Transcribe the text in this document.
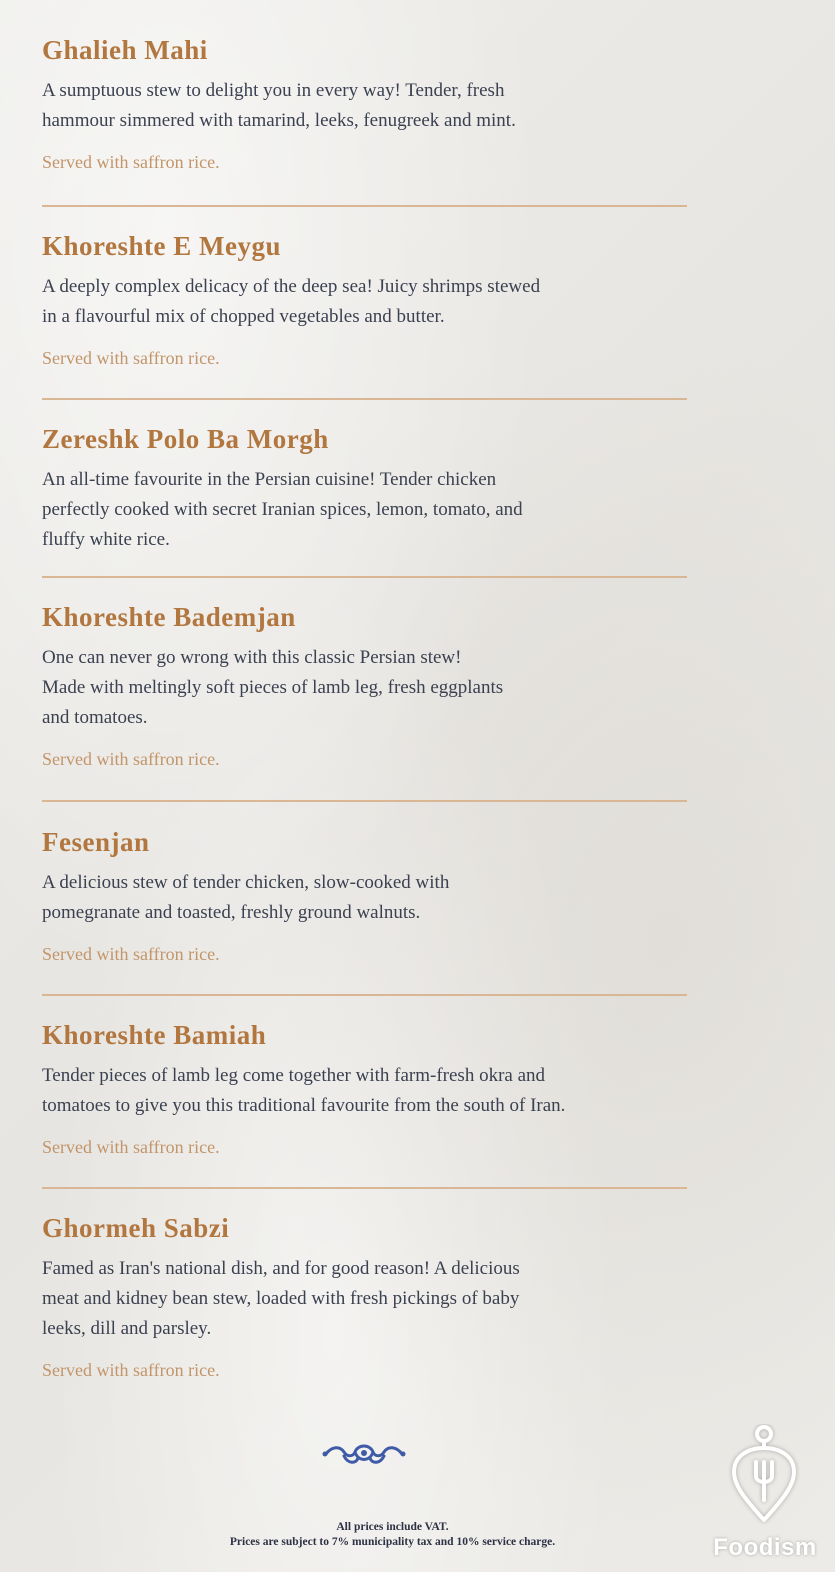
Ghalieh Mahi
A sumptuous stew to delight you in every way! Tender, fresh
hammour simmered with tamarind, leeks, fenugreek and mint.
Served with saffron rice.
Khoreshte E Meygu
A deeply complex delicacy of the deep sea! Juicy shrimps stewed
in a flavourful mix of chopped vegetables and butter.
Served with saffron rice.
Zereshk Polo Ba Morgh
An all-time favourite in the Persian cuisine! Tender chicken
perfectly cooked with secret Iranian spices, lemon, tomato, and
fluffy white rice.
Khoreshte Bademjan
One can never go wrong with this classic Persian stew!
Made with meltingly soft pieces of lamb leg, fresh eggplants
and tomatoes.
Served with saffron rice.
Fesenjan
A delicious stew of tender chicken, slow-cooked with
pomegranate and toasted, freshly ground walnuts.
Served with saffron rice.
Khoreshte Bamiah
Tender pieces of lamb leg come together with farm-fresh okra and
tomatoes to give you this traditional favourite from the south of Iran.
Served with saffron rice.
Ghormeh Sabzi
Famed as Iran's national dish, and for good reason! A delicious
meat and kidney bean stew, loaded with fresh pickings of baby
leeks, dill and parsley.
Served with saffron rice.
All prices include VAT.
Prices are subject to 7% municipality tax and 10% service charge.	Foodism
